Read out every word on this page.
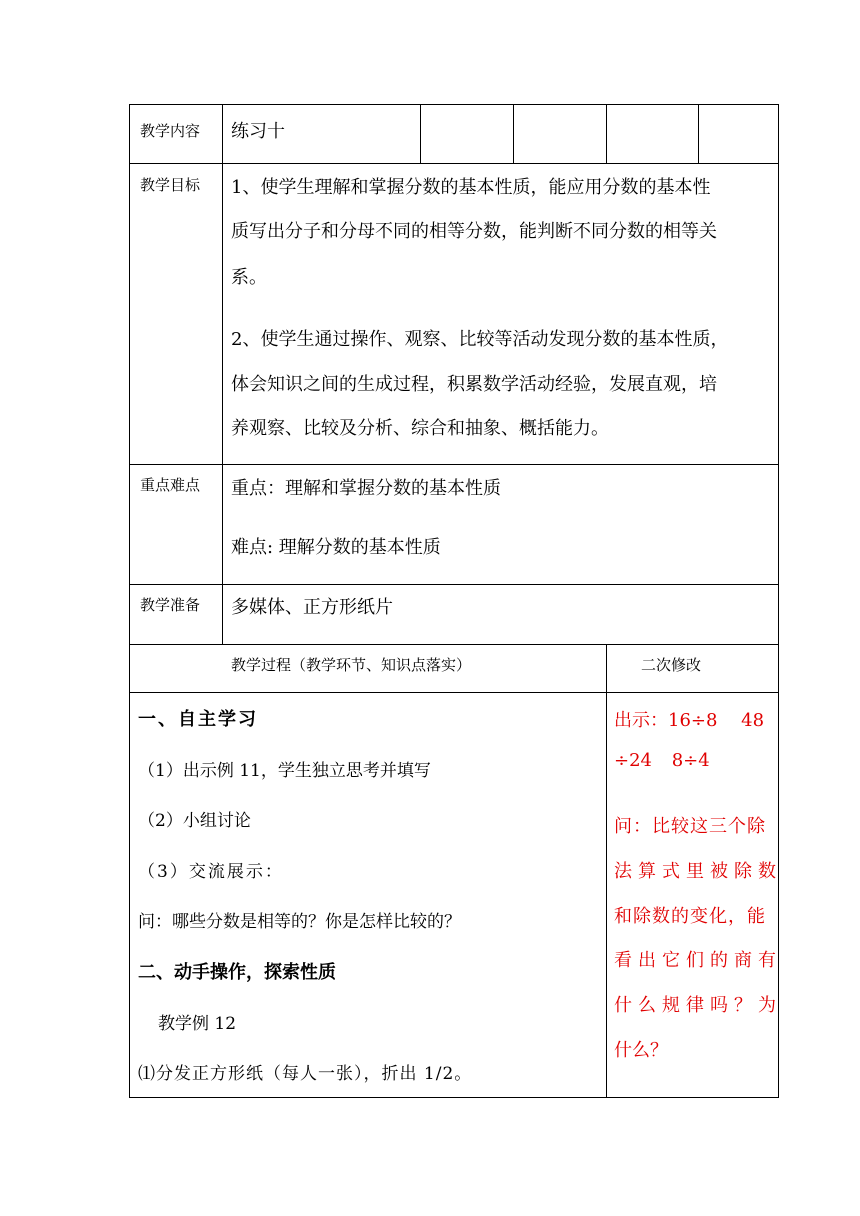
教学内容 练习十
教学目标 1、使学生理解和掌握分数的基本性质，能应用分数的基本性
质写出分子和分母不同的相等分数，能判断不同分数的相等关
系。
2、使学生通过操作、观察、比较等活动发现分数的基本性质，
体会知识之间的生成过程，积累数学活动经验，发展直观，培
养观察、比较及分析、综合和抽象、概括能力。
重点难点 重点：理解和掌握分数的基本性质
难点: 理解分数的基本性质
教学准备 多媒体、正方形纸片
教学过程（教学环节、知识点落实）	二次修改
一、自主学习
（1）出示例 11，学生独立思考并填写
（2）小组讨论
（3）交流展示：
问：哪些分数是相等的？你是怎样比较的？
二、动手操作，探索性质
教学例 12
⑴分发正方形纸（每人一张），折出 1/2。
出示：16÷8 48
÷24 8÷4
问：比较这三个除
法算式里被除数
和除数的变化，能
看出它们的商有
什么规律吗？为
什么？
